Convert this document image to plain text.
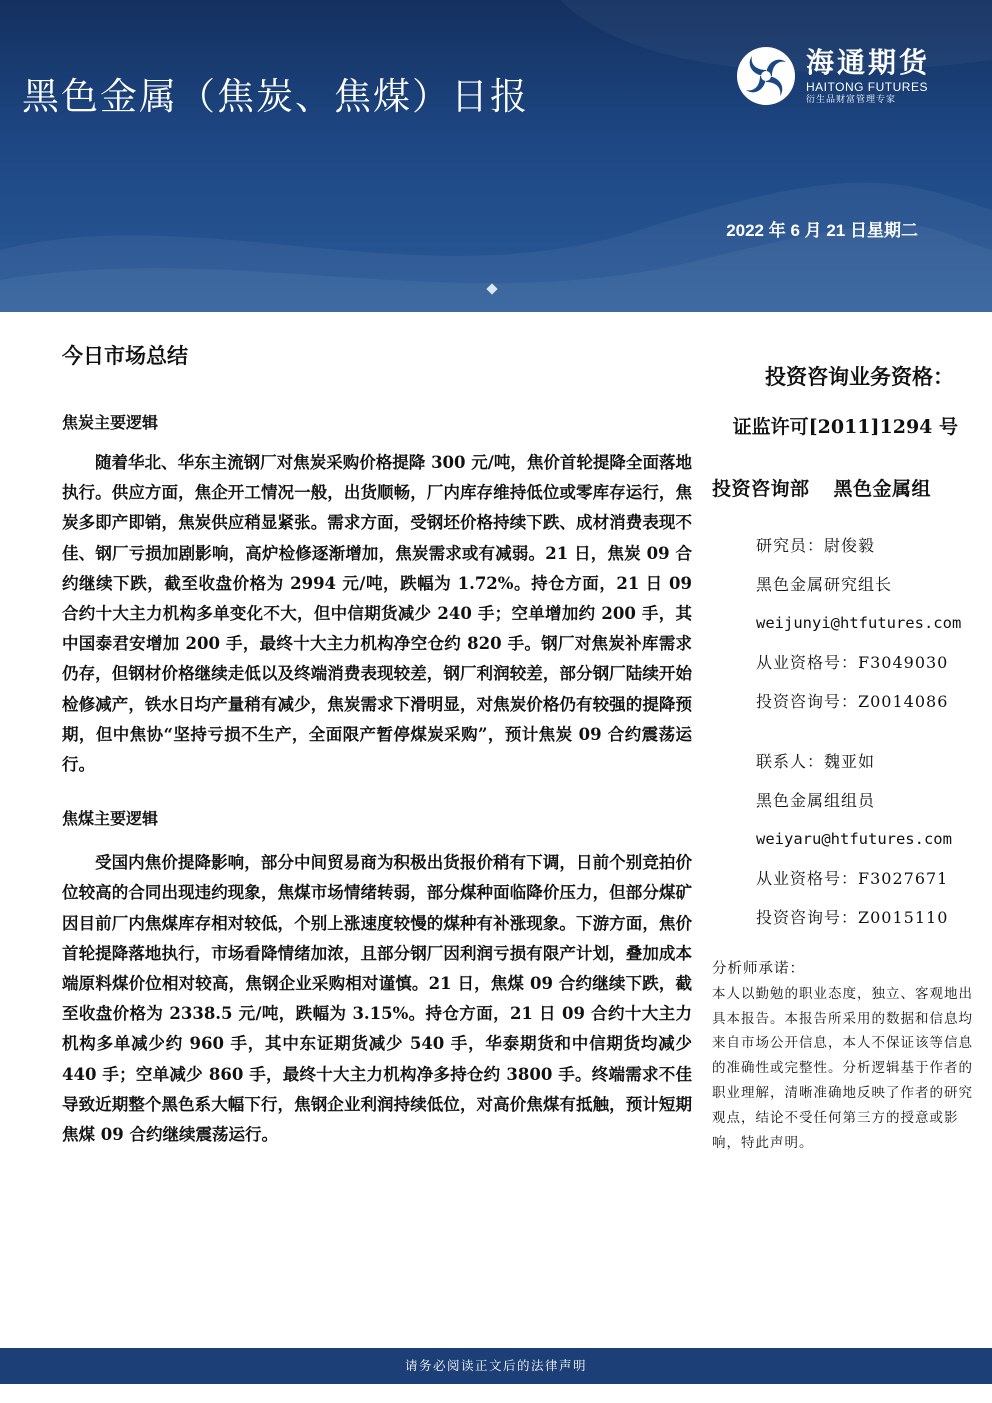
黑色金属（焦炭、焦煤）日报
海通期货
HAITONG FUTURES
衍生品财富管理专家
2022 年 6 月 21 日星期二
今日市场总结
焦炭主要逻辑

随着华北、华东主流钢厂对焦炭采购价格提降 300 元/吨，焦价首轮提降全面落地执行。供应方面，焦企开工情况一般，出货顺畅，厂内库存维持低位或零库存运行，焦炭多即产即销，焦炭供应稍显紧张。需求方面，受钢坯价格持续下跌、成材消费表现不佳、钢厂亏损加剧影响，高炉检修逐渐增加，焦炭需求或有减弱。21 日，焦炭 09 合约继续下跌，截至收盘价格为 2994 元/吨，跌幅为 1.72%。持仓方面，21 日 09 合约十大主力机构多单变化不大，但中信期货减少 240 手；空单增加约 200 手，其中国泰君安增加 200 手，最终十大主力机构净空仓约 820 手。钢厂对焦炭补库需求仍存，但钢材价格继续走低以及终端消费表现较差，钢厂利润较差，部分钢厂陆续开始检修减产，铁水日均产量稍有减少，焦炭需求下滑明显，对焦炭价格仍有较强的提降预期，但中焦协“坚持亏损不生产，全面限产暂停煤炭采购”，预计焦炭 09 合约震荡运行。

焦煤主要逻辑

受国内焦价提降影响，部分中间贸易商为积极出货报价稍有下调，日前个别竞拍价位较高的合同出现违约现象，焦煤市场情绪转弱，部分煤种面临降价压力，但部分煤矿因目前厂内焦煤库存相对较低，个别上涨速度较慢的煤种有补涨现象。下游方面，焦价首轮提降落地执行，市场看降情绪加浓，且部分钢厂因利润亏损有限产计划，叠加成本端原料煤价位相对较高，焦钢企业采购相对谨慎。21 日，焦煤 09 合约继续下跌，截至收盘价格为 2338.5 元/吨，跌幅为 3.15%。持仓方面，21 日 09 合约十大主力机构多单减少约 960 手，其中东证期货减少 540 手，华泰期货和中信期货均减少 440 手；空单减少 860 手，最终十大主力机构净多持仓约 3800 手。终端需求不佳导致近期整个黑色系大幅下行，焦钢企业利润持续低位，对高价焦煤有抵触，预计短期焦煤 09 合约继续震荡运行。

投资咨询业务资格：
证监许可[2011]1294 号
投资咨询部 黑色金属组
研究员：尉俊毅
黑色金属研究组长
weijunyi@htfutures.com
从业资格号：F3049030
投资咨询号：Z0014086
联系人：魏亚如
黑色金属组组员
weiyaru@htfutures.com
从业资格号：F3027671
投资咨询号：Z0015110
分析师承诺：
本人以勤勉的职业态度，独立、客观地出具本报告。本报告所采用的数据和信息均来自市场公开信息，本人不保证该等信息的准确性或完整性。分析逻辑基于作者的职业理解，清晰准确地反映了作者的研究观点，结论不受任何第三方的授意或影响，特此声明。
请务必阅读正文后的法律声明
